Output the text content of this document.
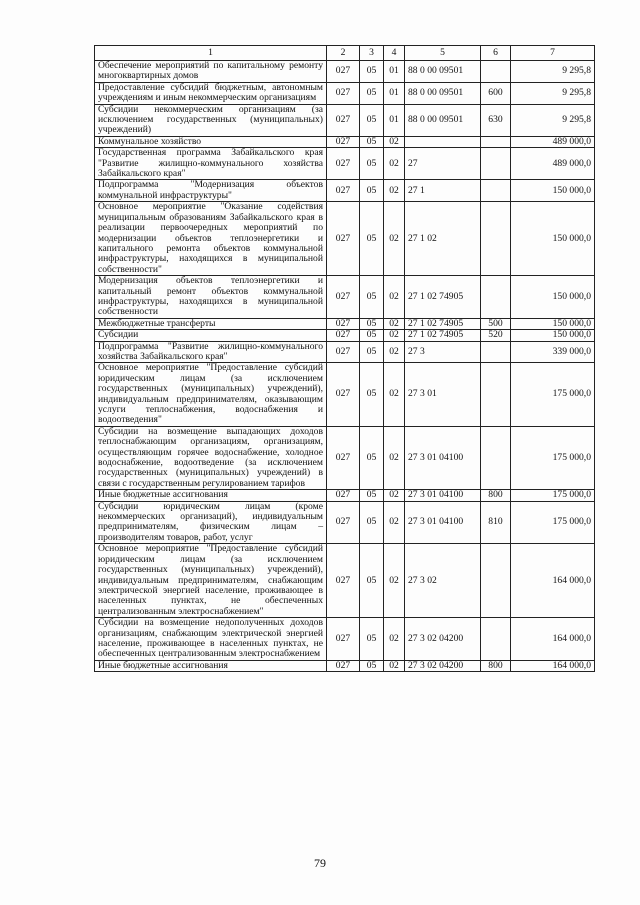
1	2	3	4	5	6	7
Обеспечение мероприятий по капитальному ремонту многоквартирных домов	027	05	01	88 0 00 09501		9 295,8
Предоставление субсидий бюджетным, автономным учреждениям и иным некоммерческим организациям	027	05	01	88 0 00 09501	600	9 295,8
Субсидии некоммерческим организациям (за исключением государственных (муниципальных) учреждений)	027	05	01	88 0 00 09501	630	9 295,8
Коммунальное хозяйство	027	05	02			489 000,0
Государственная программа Забайкальского края "Развитие жилищно-коммунального хозяйства Забайкальского края"	027	05	02	27		489 000,0
Подпрограмма "Модернизация объектов коммунальной инфраструктуры"	027	05	02	27 1		150 000,0
Основное мероприятие "Оказание содействия муниципальным образованиям Забайкальского края в реализации первоочередных мероприятий по модернизации объектов теплоэнергетики и капитального ремонта объектов коммунальной инфраструктуры, находящихся в муниципальной собственности"	027	05	02	27 1 02		150 000,0
Модернизация объектов теплоэнергетики и капитальный ремонт объектов коммунальной инфраструктуры, находящихся в муниципальной собственности	027	05	02	27 1 02 74905		150 000,0
Межбюджетные трансферты	027	05	02	27 1 02 74905	500	150 000,0
Субсидии	027	05	02	27 1 02 74905	520	150 000,0
Подпрограмма "Развитие жилищно-коммунального хозяйства Забайкальского края"	027	05	02	27 3		339 000,0
Основное мероприятие "Предоставление субсидий юридическим лицам (за исключением государственных (муниципальных) учреждений), индивидуальным предпринимателям, оказывающим услуги теплоснабжения, водоснабжения и водоотведения"	027	05	02	27 3 01		175 000,0
Субсидии на возмещение выпадающих доходов теплоснабжающим организациям, организациям, осуществляющим горячее водоснабжение, холодное водоснабжение, водоотведение (за исключением государственных (муниципальных) учреждений) в связи с государственным регулированием тарифов	027	05	02	27 3 01 04100		175 000,0
Иные бюджетные ассигнования	027	05	02	27 3 01 04100	800	175 000,0
Субсидии юридическим лицам (кроме некоммерческих организаций), индивидуальным предпринимателям, физическим лицам – производителям товаров, работ, услуг	027	05	02	27 3 01 04100	810	175 000,0
Основное мероприятие "Предоставление субсидий юридическим лицам (за исключением государственных (муниципальных) учреждений), индивидуальным предпринимателям, снабжающим электрической энергией население, проживающее в населенных пунктах, не обеспеченных централизованным электроснабжением"	027	05	02	27 3 02		164 000,0
Субсидии на возмещение недополученных доходов организациям, снабжающим электрической энергией население, проживающее в населенных пунктах, не обеспеченных централизованным электроснабжением	027	05	02	27 3 02 04200		164 000,0
Иные бюджетные ассигнования	027	05	02	27 3 02 04200	800	164 000,0
79
